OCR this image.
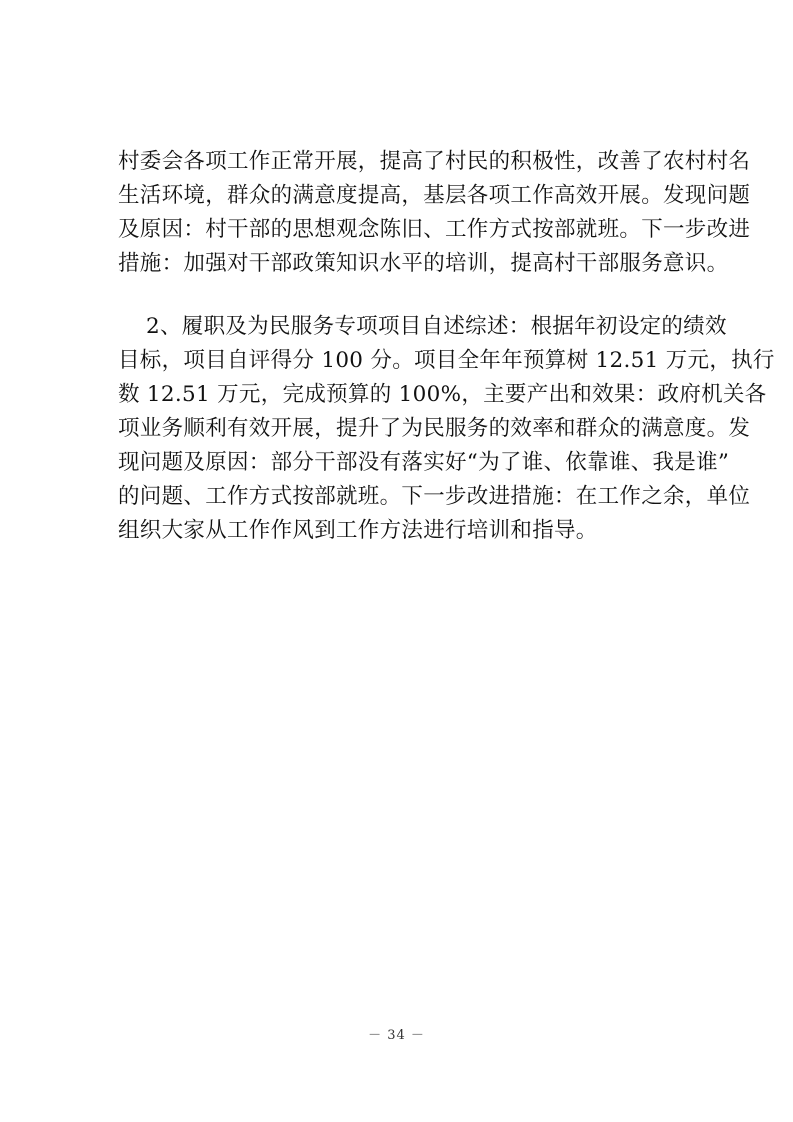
村委会各项工作正常开展，提高了村民的积极性，改善了农村村名
生活环境，群众的满意度提高，基层各项工作高效开展。发现问题
及原因：村干部的思想观念陈旧、工作方式按部就班。下一步改进
措施：加强对干部政策知识水平的培训，提高村干部服务意识。

2、履职及为民服务专项项目自述综述：根据年初设定的绩效
目标，项目自评得分 100 分。项目全年年预算树 12.51 万元，执行
数 12.51 万元，完成预算的 100%，主要产出和效果：政府机关各
项业务顺利有效开展，提升了为民服务的效率和群众的满意度。发
现问题及原因：部分干部没有落实好“为了谁、依靠谁、我是谁”
的问题、工作方式按部就班。下一步改进措施：在工作之余，单位
组织大家从工作作风到工作方法进行培训和指导。

－ 34 －
